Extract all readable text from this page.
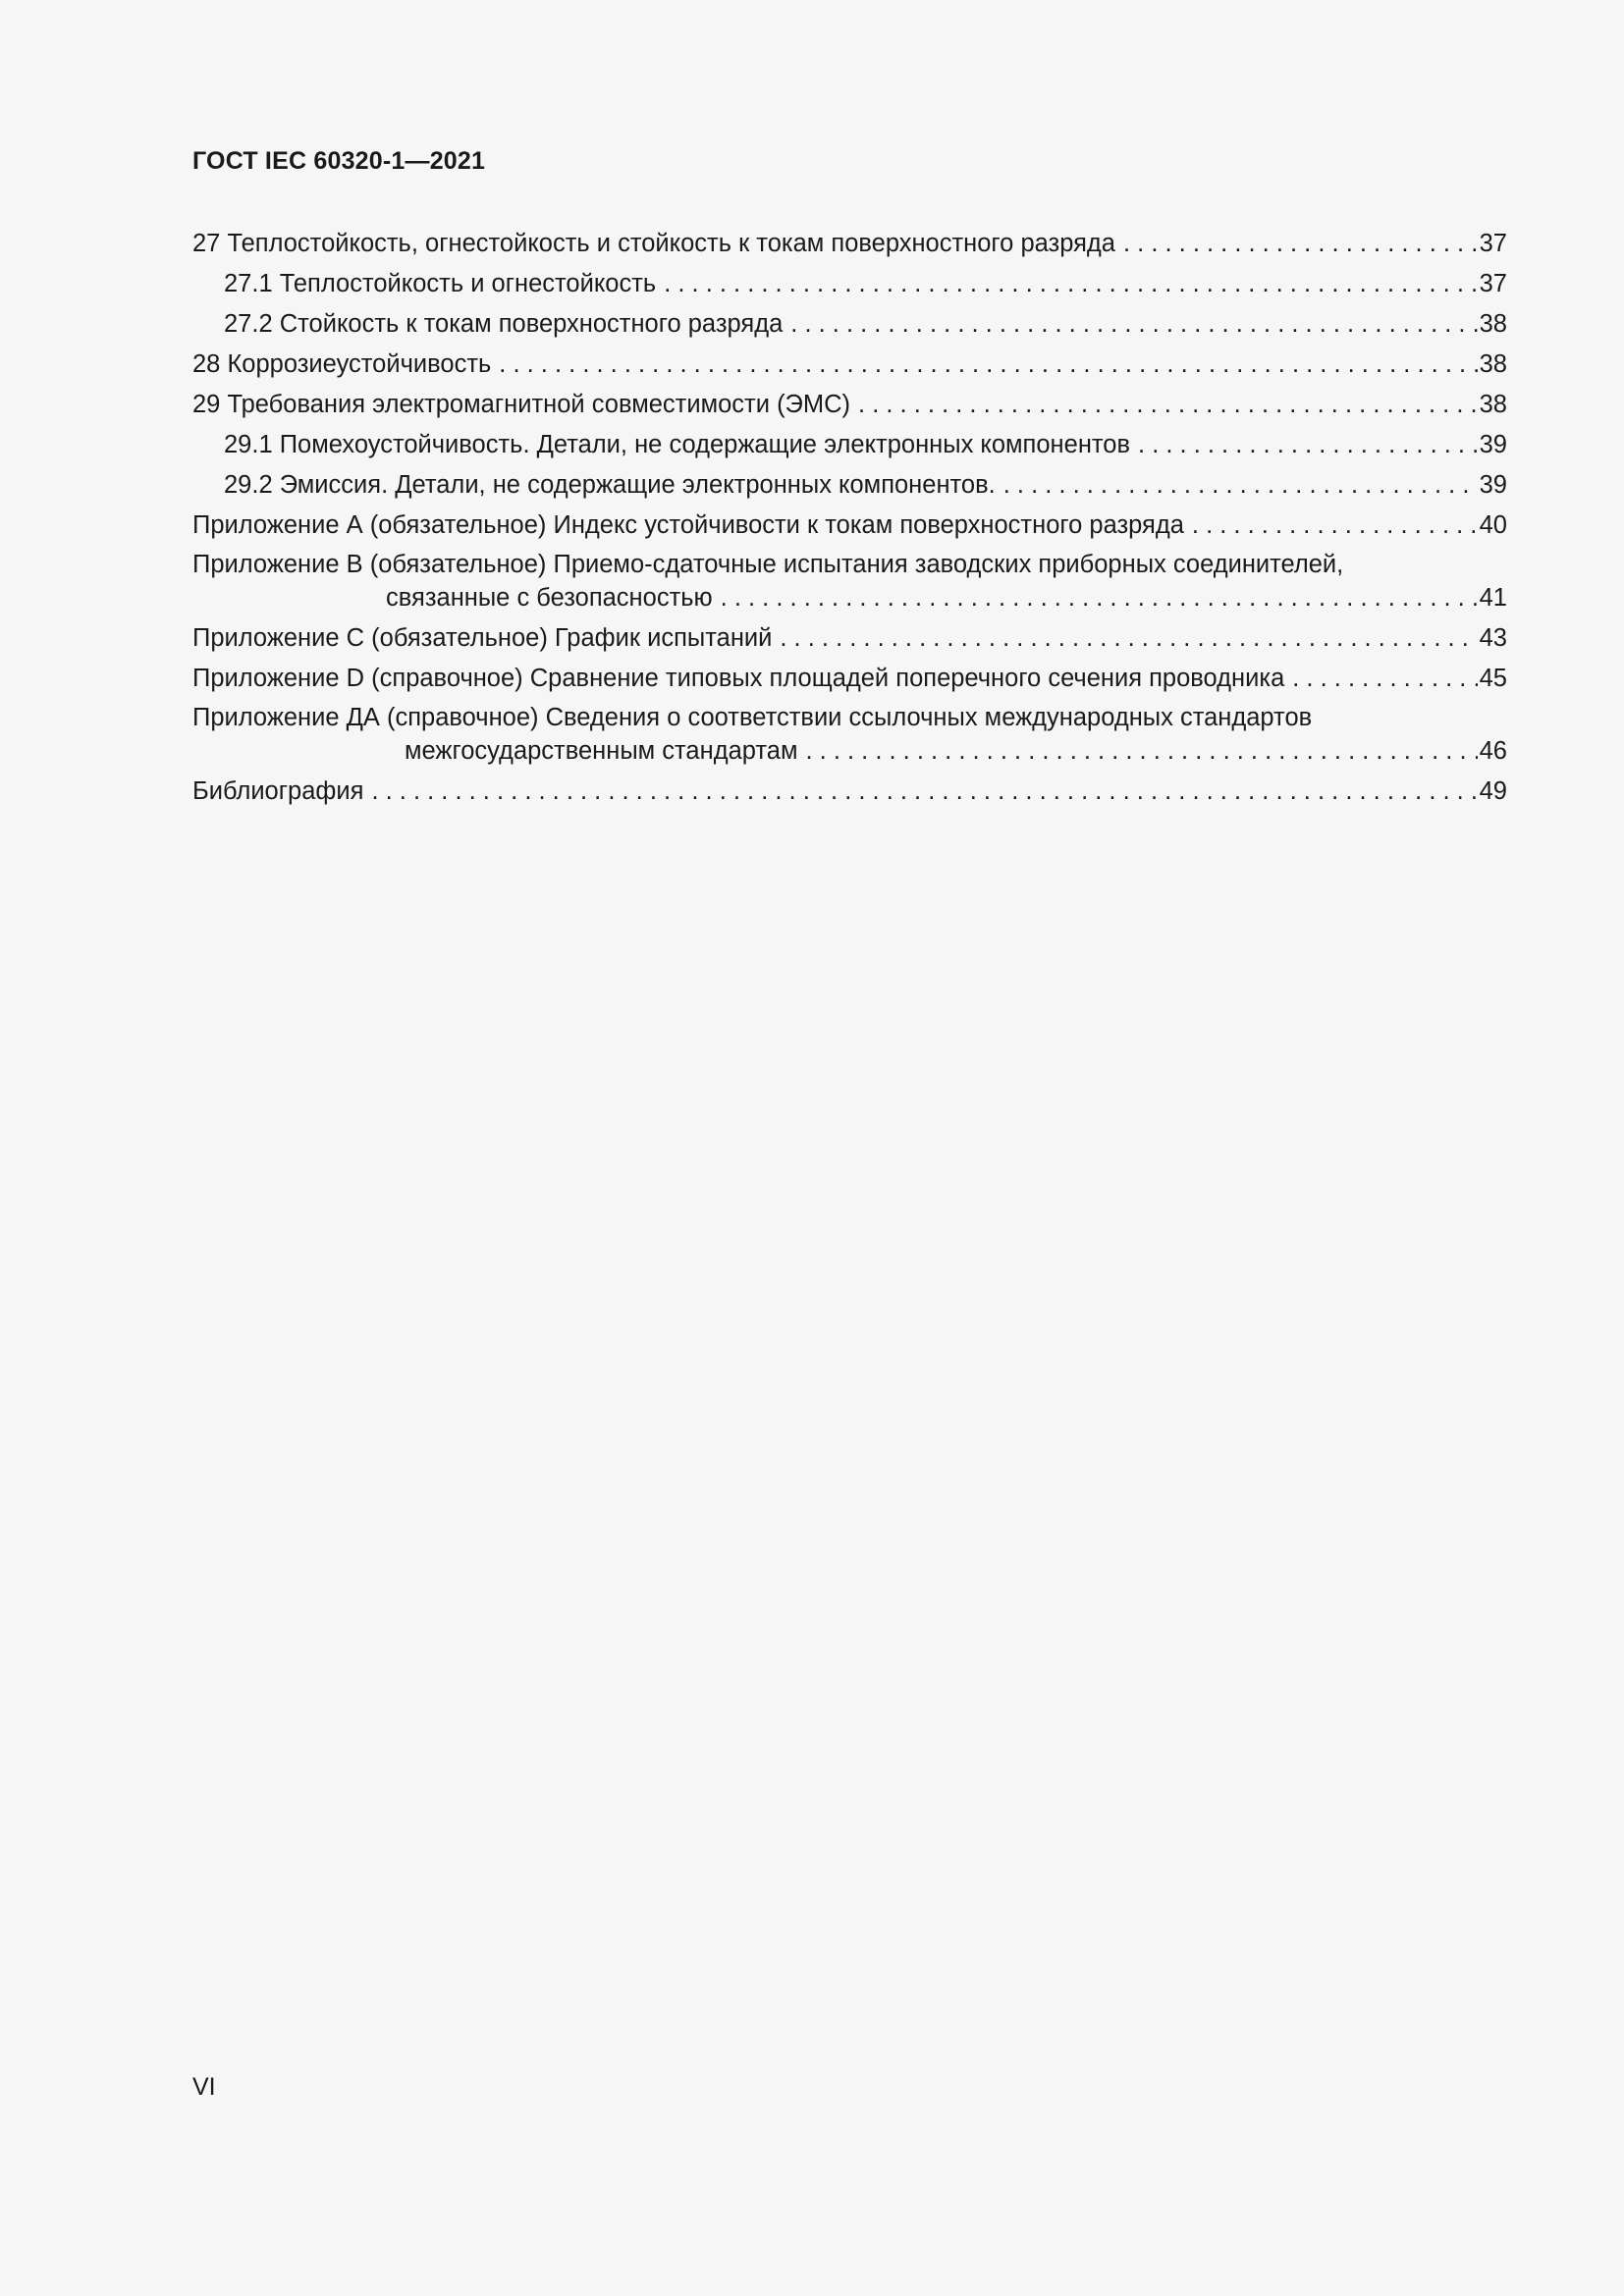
ГОСТ IEC 60320-1—2021
27 Теплостойкость, огнестойкость и стойкость к токам поверхностного разряда . . .	37
27.1 Теплостойкость и огнестойкость . . .	37
27.2 Стойкость к токам поверхностного разряда . . .	38
28 Коррозиеустойчивость . . .	38
29 Требования электромагнитной совместимости (ЭМС) . . .	38
29.1 Помехоустойчивость. Детали, не содержащие электронных компонентов . . .	39
29.2 Эмиссия. Детали, не содержащие электронных компонентов. . . .	39
Приложение А (обязательное) Индекс устойчивости к токам поверхностного разряда . . .	40
Приложение В (обязательное) Приемо-сдаточные испытания заводских приборных соединителей,
связанные с безопасностью . . .	41
Приложение С (обязательное) График испытаний . . .	43
Приложение D (справочное) Сравнение типовых площадей поперечного сечения проводника . . .	45
Приложение ДА (справочное) Сведения о соответствии ссылочных международных стандартов
межгосударственным стандартам . . .	46
Библиография . . .	49
VI
